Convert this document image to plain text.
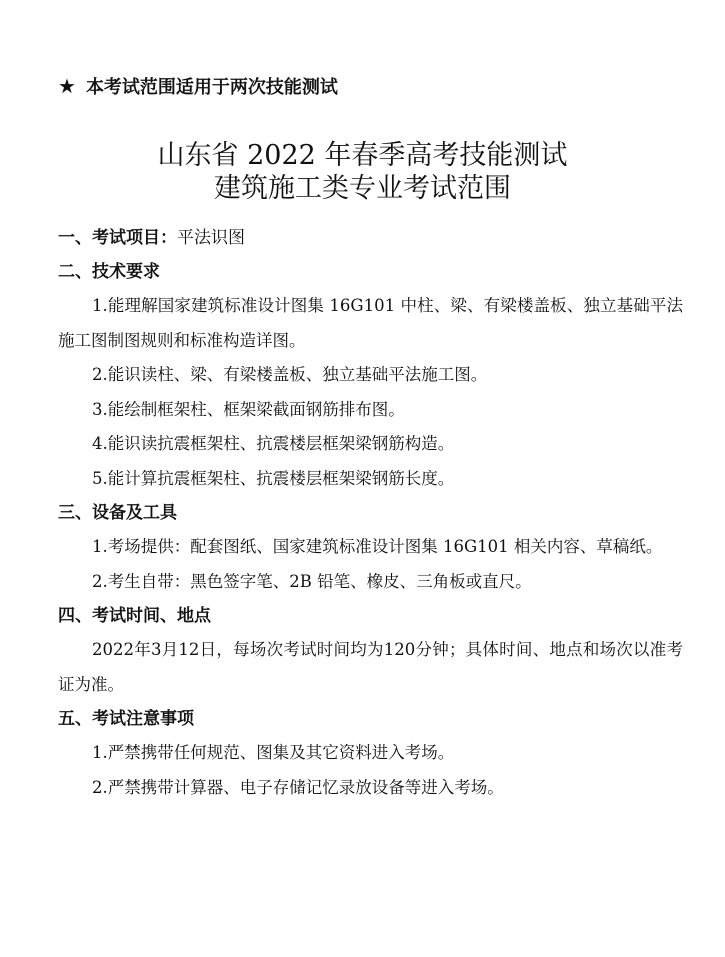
★ 本考试范围适用于两次技能测试
山东省 2022 年春季高考技能测试
建筑施工类专业考试范围
一、考试项目：平法识图
二、技术要求

1.能理解国家建筑标准设计图集 16G101 中柱、梁、有梁楼盖板、独立基础平法施工图制图规则和标准构造详图。

2.能识读柱、梁、有梁楼盖板、独立基础平法施工图。
3.能绘制框架柱、框架梁截面钢筋排布图。
4.能识读抗震框架柱、抗震楼层框架梁钢筋构造。
5.能计算抗震框架柱、抗震楼层框架梁钢筋长度。
三、设备及工具

1.考场提供：配套图纸、国家建筑标准设计图集 16G101 相关内容、草稿纸。

2.考生自带：黑色签字笔、2B 铅笔、橡皮、三角板或直尺。
四、考试时间、地点

2022年3月12日，每场次考试时间均为120分钟；具体时间、地点和场次以准考证为准。

五、考试注意事项
1.严禁携带任何规范、图集及其它资料进入考场。
2.严禁携带计算器、电子存储记忆录放设备等进入考场。
